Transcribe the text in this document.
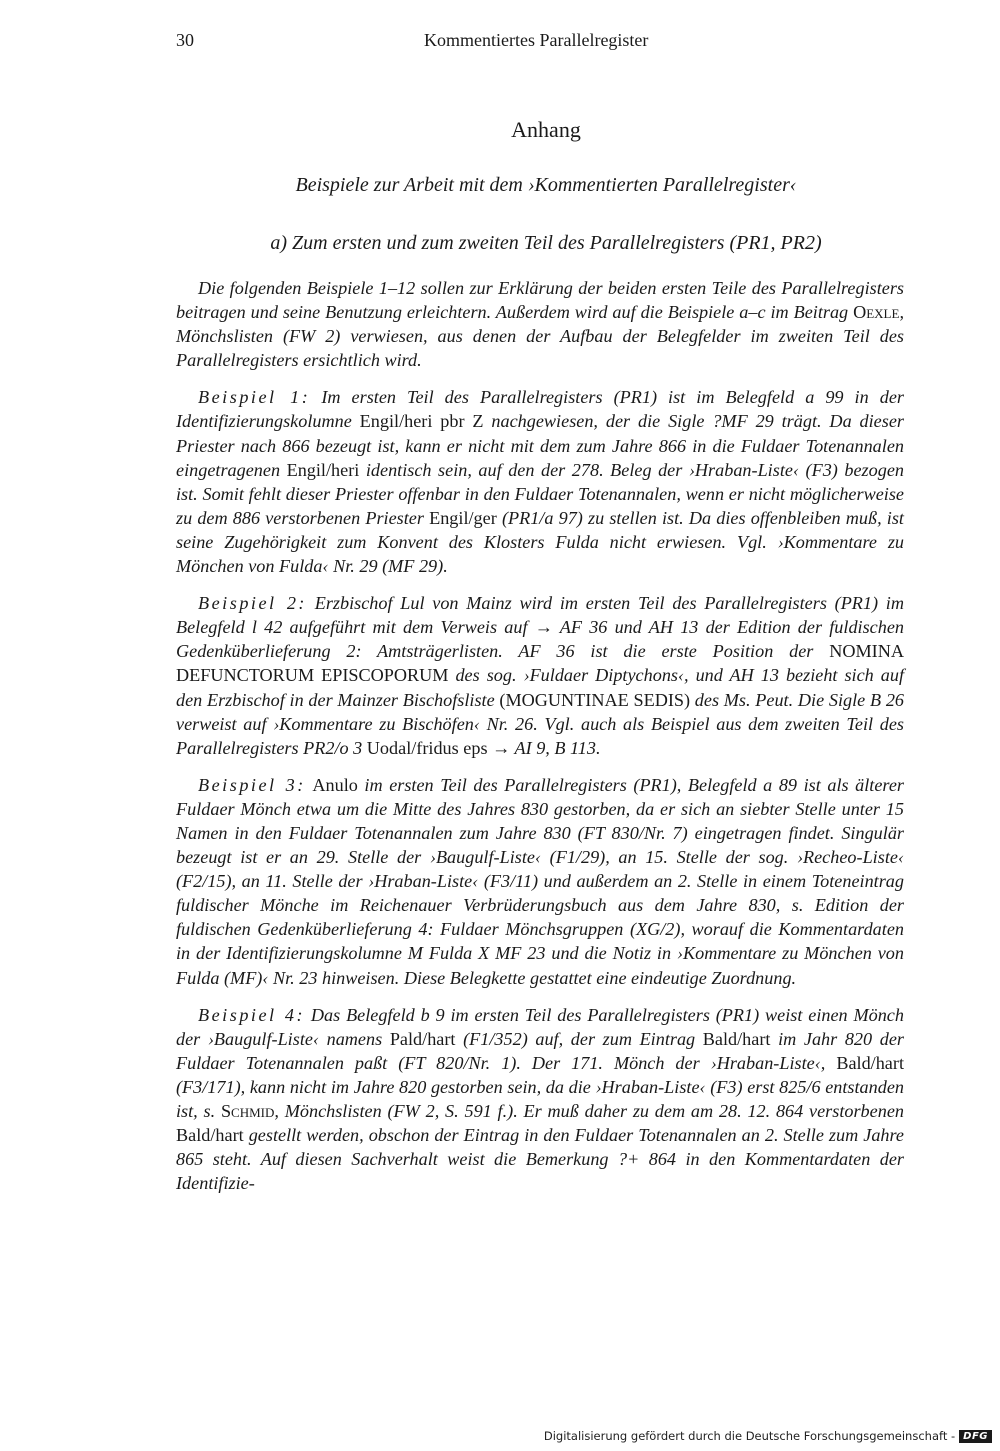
30	Kommentiertes Parallelregister
Anhang
Beispiele zur Arbeit mit dem ›Kommentierten Parallelregister‹
a) Zum ersten und zum zweiten Teil des Parallelregisters (PR1, PR2)

Die folgenden Beispiele 1–12 sollen zur Erklärung der beiden ersten Teile des Parallelregisters beitragen und seine Benutzung erleichtern. Außerdem wird auf die Beispiele a–c im Beitrag Oexle, Mönchslisten (FW 2) verwiesen, aus denen der Aufbau der Belegfelder im zweiten Teil des Parallelregisters ersichtlich wird.

Beispiel 1: Im ersten Teil des Parallelregisters (PR1) ist im Belegfeld a 99 in der Identifizierungskolumne Engil/heri pbr Z nachgewiesen, der die Sigle ?MF 29 trägt. Da dieser Priester nach 866 bezeugt ist, kann er nicht mit dem zum Jahre 866 in die Fuldaer Totenannalen eingetragenen Engil/heri identisch sein, auf den der 278. Beleg der ›Hraban-Liste‹ (F3) bezogen ist. Somit fehlt dieser Priester offenbar in den Fuldaer Totenannalen, wenn er nicht möglicherweise zu dem 886 verstorbenen Priester Engil/ger (PR1/a 97) zu stellen ist. Da dies offenbleiben muß, ist seine Zugehörigkeit zum Konvent des Klosters Fulda nicht erwiesen. Vgl. ›Kommentare zu Mönchen von Fulda‹ Nr. 29 (MF 29).

Beispiel 2: Erzbischof Lul von Mainz wird im ersten Teil des Parallelregisters (PR1) im Belegfeld l 42 aufgeführt mit dem Verweis auf → AF 36 und AH 13 der Edition der fuldischen Gedenküberlieferung 2: Amtsträgerlisten. AF 36 ist die erste Position der NOMINA DEFUNCTORUM EPISCOPORUM des sog. ›Fuldaer Diptychons‹, und AH 13 bezieht sich auf den Erzbischof in der Mainzer Bischofsliste (MOGUNTINAE SEDIS) des Ms. Peut. Die Sigle B 26 verweist auf ›Kommentare zu Bischöfen‹ Nr. 26. Vgl. auch als Beispiel aus dem zweiten Teil des Parallelregisters PR2/o 3 Uodal/fridus eps → AI 9, B 113.

Beispiel 3: Anulo im ersten Teil des Parallelregisters (PR1), Belegfeld a 89 ist als älterer Fuldaer Mönch etwa um die Mitte des Jahres 830 gestorben, da er sich an siebter Stelle unter 15 Namen in den Fuldaer Totenannalen zum Jahre 830 (FT 830/Nr. 7) eingetragen findet. Singulär bezeugt ist er an 29. Stelle der ›Baugulf-Liste‹ (F1/29), an 15. Stelle der sog. ›Recheo-Liste‹ (F2/15), an 11. Stelle der ›Hraban-Liste‹ (F3/11) und außerdem an 2. Stelle in einem Toteneintrag fuldischer Mönche im Reichenauer Verbrüderungsbuch aus dem Jahre 830, s. Edition der fuldischen Gedenküberlieferung 4: Fuldaer Mönchsgruppen (XG/2), worauf die Kommentardaten in der Identifizierungskolumne M Fulda X MF 23 und die Notiz in ›Kommentare zu Mönchen von Fulda (MF)‹ Nr. 23 hinweisen. Diese Belegkette gestattet eine eindeutige Zuordnung.

Beispiel 4: Das Belegfeld b 9 im ersten Teil des Parallelregisters (PR1) weist einen Mönch der ›Baugulf-Liste‹ namens Pald/hart (F1/352) auf, der zum Eintrag Bald/hart im Jahr 820 der Fuldaer Totenannalen paßt (FT 820/Nr. 1). Der 171. Mönch der ›Hraban-Liste‹, Bald/hart (F3/171), kann nicht im Jahre 820 gestorben sein, da die ›Hraban-Liste‹ (F3) erst 825/6 entstanden ist, s. Schmid, Mönchslisten (FW 2, S. 591 f.). Er muß daher zu dem am 28. 12. 864 verstorbenen Bald/hart gestellt werden, obschon der Eintrag in den Fuldaer Totenannalen an 2. Stelle zum Jahre 865 steht. Auf diesen Sachverhalt weist die Bemerkung ?+ 864 in den Kommentardaten der Identifizie-

Digitalisierung gefördert durch die Deutsche Forschungsgemeinschaft - DFG
